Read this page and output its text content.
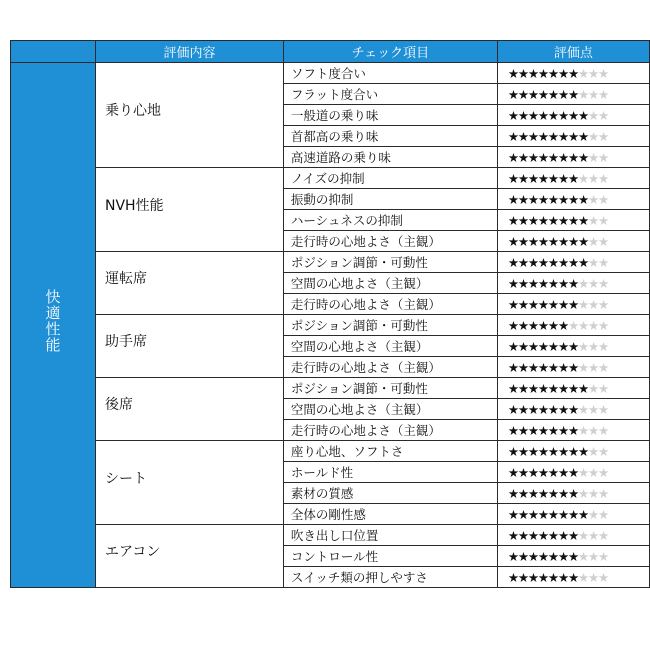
	評価内容	チェック項目	評価点

快適性能	乗り心地	ソフト度合い	★★★★★★★★★★
		フラット度合い	★★★★★★★★★★
		一般道の乗り味	★★★★★★★★★★
		首都高の乗り味	★★★★★★★★★★
		高速道路の乗り味	★★★★★★★★★★
	NVH性能	ノイズの抑制	★★★★★★★★★★
		振動の抑制	★★★★★★★★★★
		ハーシュネスの抑制	★★★★★★★★★★
		走行時の心地よさ（主観）	★★★★★★★★★★
	運転席	ポジション調節・可動性	★★★★★★★★★★
		空間の心地よさ（主観）	★★★★★★★★★★
		走行時の心地よさ（主観）	★★★★★★★★★★
	助手席	ポジション調節・可動性	★★★★★★★★★★
		空間の心地よさ（主観）	★★★★★★★★★★
		走行時の心地よさ（主観）	★★★★★★★★★★
	後席	ポジション調節・可動性	★★★★★★★★★★
		空間の心地よさ（主観）	★★★★★★★★★★
		走行時の心地よさ（主観）	★★★★★★★★★★
	シート	座り心地、ソフトさ	★★★★★★★★★★
		ホールド性	★★★★★★★★★★
		素材の質感	★★★★★★★★★★
		全体の剛性感	★★★★★★★★★★
	エアコン	吹き出し口位置	★★★★★★★★★★
		コントロール性	★★★★★★★★★★
		スイッチ類の押しやすさ	★★★★★★★★★★
